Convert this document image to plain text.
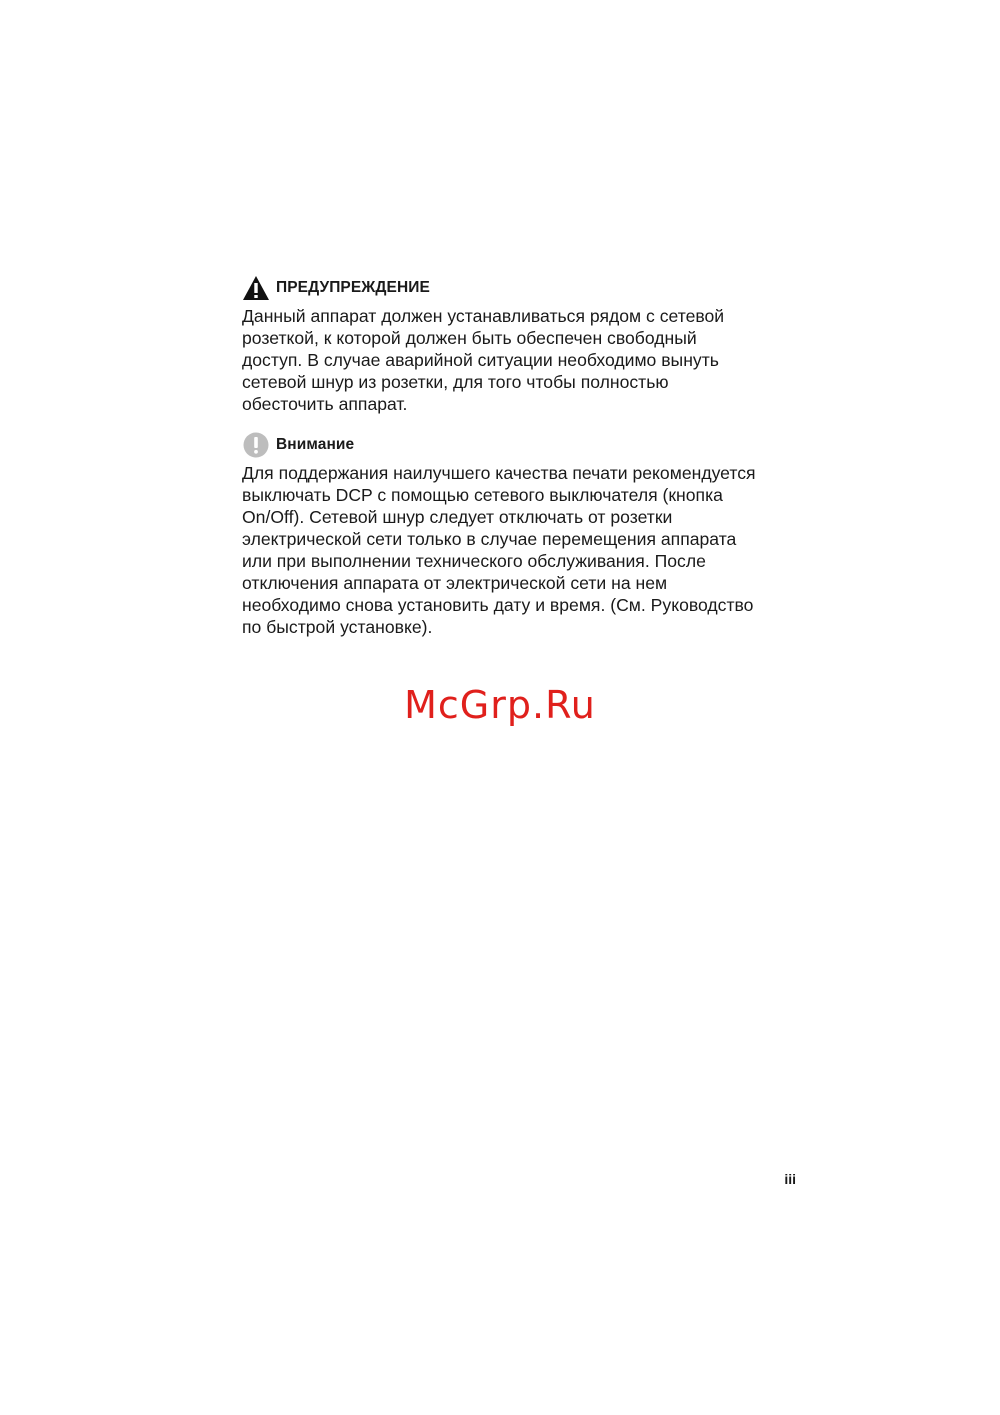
ПРЕДУПРЕЖДЕНИЕ

Данный аппарат должен устанавливаться рядом с сетевой
розеткой, к которой должен быть обеспечен свободный
доступ. В случае аварийной ситуации необходимо вынуть
сетевой шнур из розетки, для того чтобы полностью
обесточить аппарат.

Внимание

Для поддержания наилучшего качества печати рекомендуется
выключать DCP с помощью сетевого выключателя (кнопка
On/Off). Сетевой шнур следует отключать от розетки
электрической сети только в случае перемещения аппарата
или при выполнении технического обслуживания. После
отключения аппарата от электрической сети на нем
необходимо снова установить дату и время. (См. Руководство
по быстрой установке).

McGrp.Ru
iii
